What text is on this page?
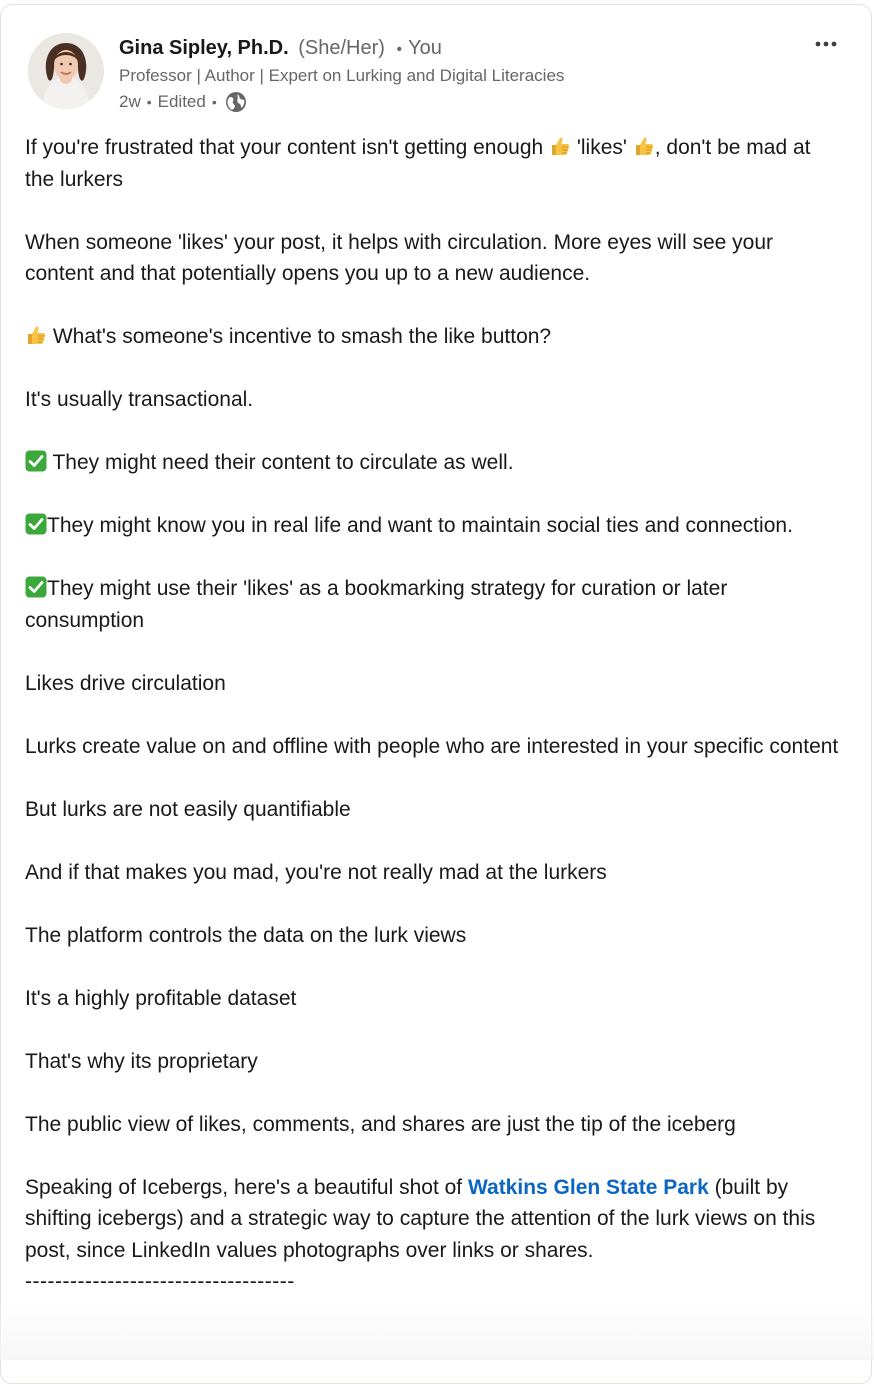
Gina Sipley, Ph.D. (She/Her) • You
Professor | Author | Expert on Lurking and Digital Literacies
2w • Edited •

If you're frustrated that your content isn't getting enough
'likes'
, don't be mad at the lurkers

When someone 'likes' your post, it helps with circulation. More eyes will see your content and that potentially opens you up to a new audience.

What's someone's incentive to smash the like button?

It's usually transactional.

They might need their content to circulate as well.

They might know you in real life and want to maintain social ties and connection.

They might use their 'likes' as a bookmarking strategy for curation or later consumption

Likes drive circulation

Lurks create value on and offline with people who are interested in your specific content

But lurks are not easily quantifiable

And if that makes you mad, you're not really mad at the lurkers

The platform controls the data on the lurk views

It's a highly profitable dataset

That's why its proprietary

The public view of likes, comments, and shares are just the tip of the iceberg

Speaking of Icebergs, here's a beautiful shot of Watkins Glen State Park (built by shifting icebergs) and a strategic way to capture the attention of the lurk views on this post, since LinkedIn values photographs over links or shares.

------------------------------------
